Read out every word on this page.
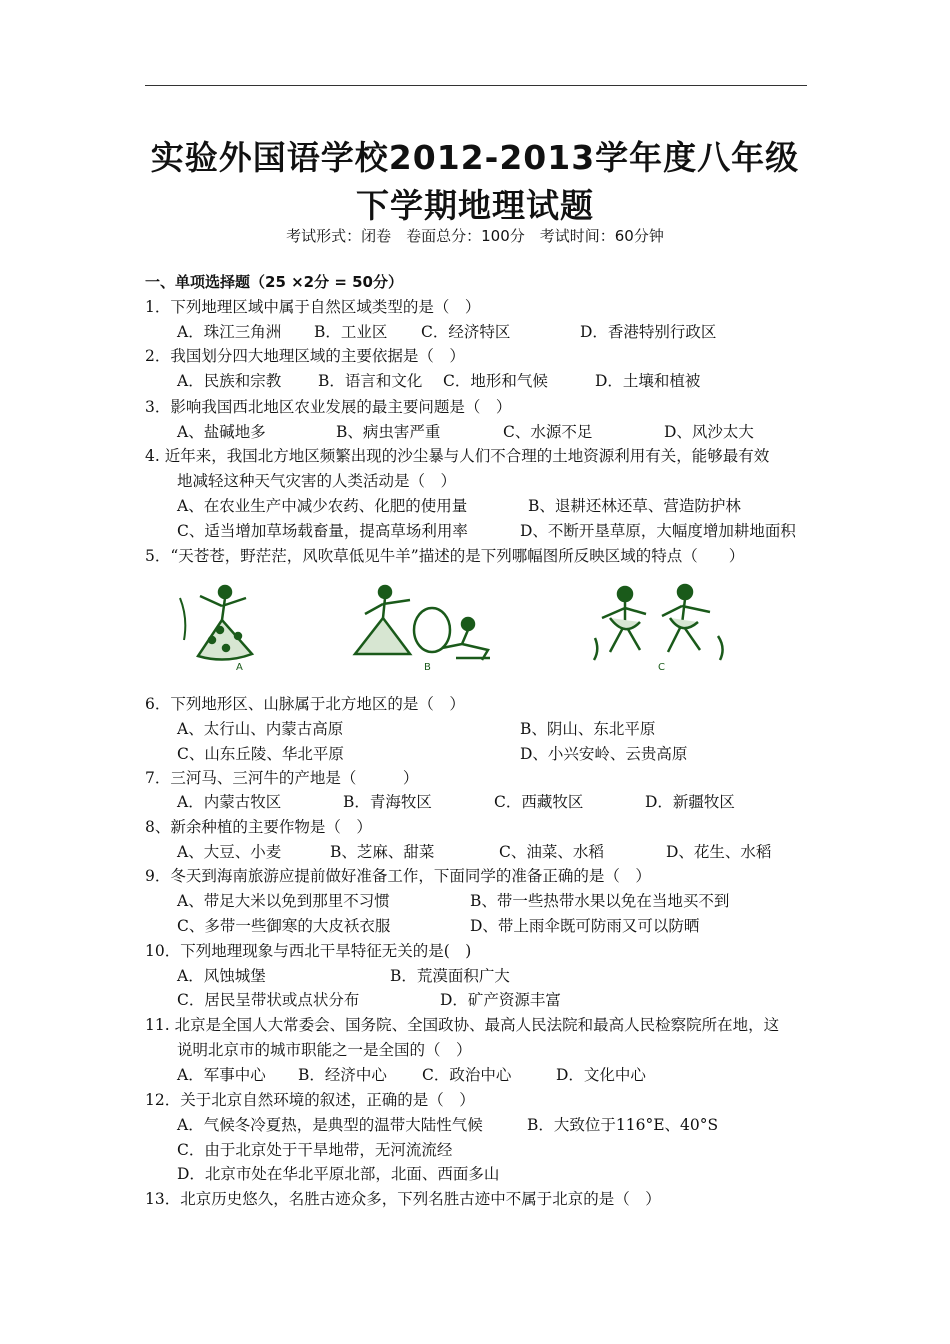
实验外国语学校2012-2013学年度八年级
下学期地理试题
考试形式：闭卷　卷面总分：100分　考试时间：60分钟
一、单项选择题（25 ×2分 = 50分）
1．下列地理区域中属于自然区域类型的是（　）
A．珠江三角洲 B．工业区 C．经济特区	D．香港特别行政区
2．我国划分四大地理区域的主要依据是（　）
A．民族和宗教 B．语言和文化 C．地形和气候	D．土壤和植被
3．影响我国西北地区农业发展的最主要问题是（　）
A、盐碱地多	B、病虫害严重	C、水源不足	D、风沙太大
4. 近年来，我国北方地区频繁出现的沙尘暴与人们不合理的土地资源利用有关，能够最有效
地减轻这种天气灾害的人类活动是（　）
A、在农业生产中减少农药、化肥的使用量	B、退耕还林还草、营造防护林
C、适当增加草场载畜量，提高草场利用率	D、不断开垦草原，大幅度增加耕地面积
5．“天苍苍，野茫茫，风吹草低见牛羊”描述的是下列哪幅图所反映区域的特点（　　）
A	B	C
6．下列地形区、山脉属于北方地区的是（　）
A、太行山、内蒙古高原	B、阴山、东北平原
C、山东丘陵、华北平原	D、小兴安岭、云贵高原
7．三河马、三河牛的产地是（　　　）
A．内蒙古牧区	B．青海牧区	C．西藏牧区	D．新疆牧区
8、新余种植的主要作物是（　）
A、大豆、小麦	B、芝麻、甜菜	C、油菜、水稻	D、花生、水稻
9．冬天到海南旅游应提前做好准备工作，下面同学的准备正确的是（　）
A、带足大米以免到那里不习惯	B、带一些热带水果以免在当地买不到
C、多带一些御寒的大皮袄衣服	D、带上雨伞既可防雨又可以防晒
10．下列地理现象与西北干旱特征无关的是(　)
A．风蚀城堡	B．荒漠面积广大
C．居民呈带状或点状分布	D．矿产资源丰富
11. 北京是全国人大常委会、国务院、全国政协、最高人民法院和最高人民检察院所在地，这
说明北京市的城市职能之一是全国的（　）
A．军事中心 B．经济中心 C．政治中心	D．文化中心
12．关于北京自然环境的叙述，正确的是（　）
A．气候冬冷夏热，是典型的温带大陆性气候	B．大致位于116°E、40°S
C．由于北京处于干旱地带，无河流流经
D．北京市处在华北平原北部，北面、西面多山
13．北京历史悠久，名胜古迹众多，下列名胜古迹中不属于北京的是（　）
